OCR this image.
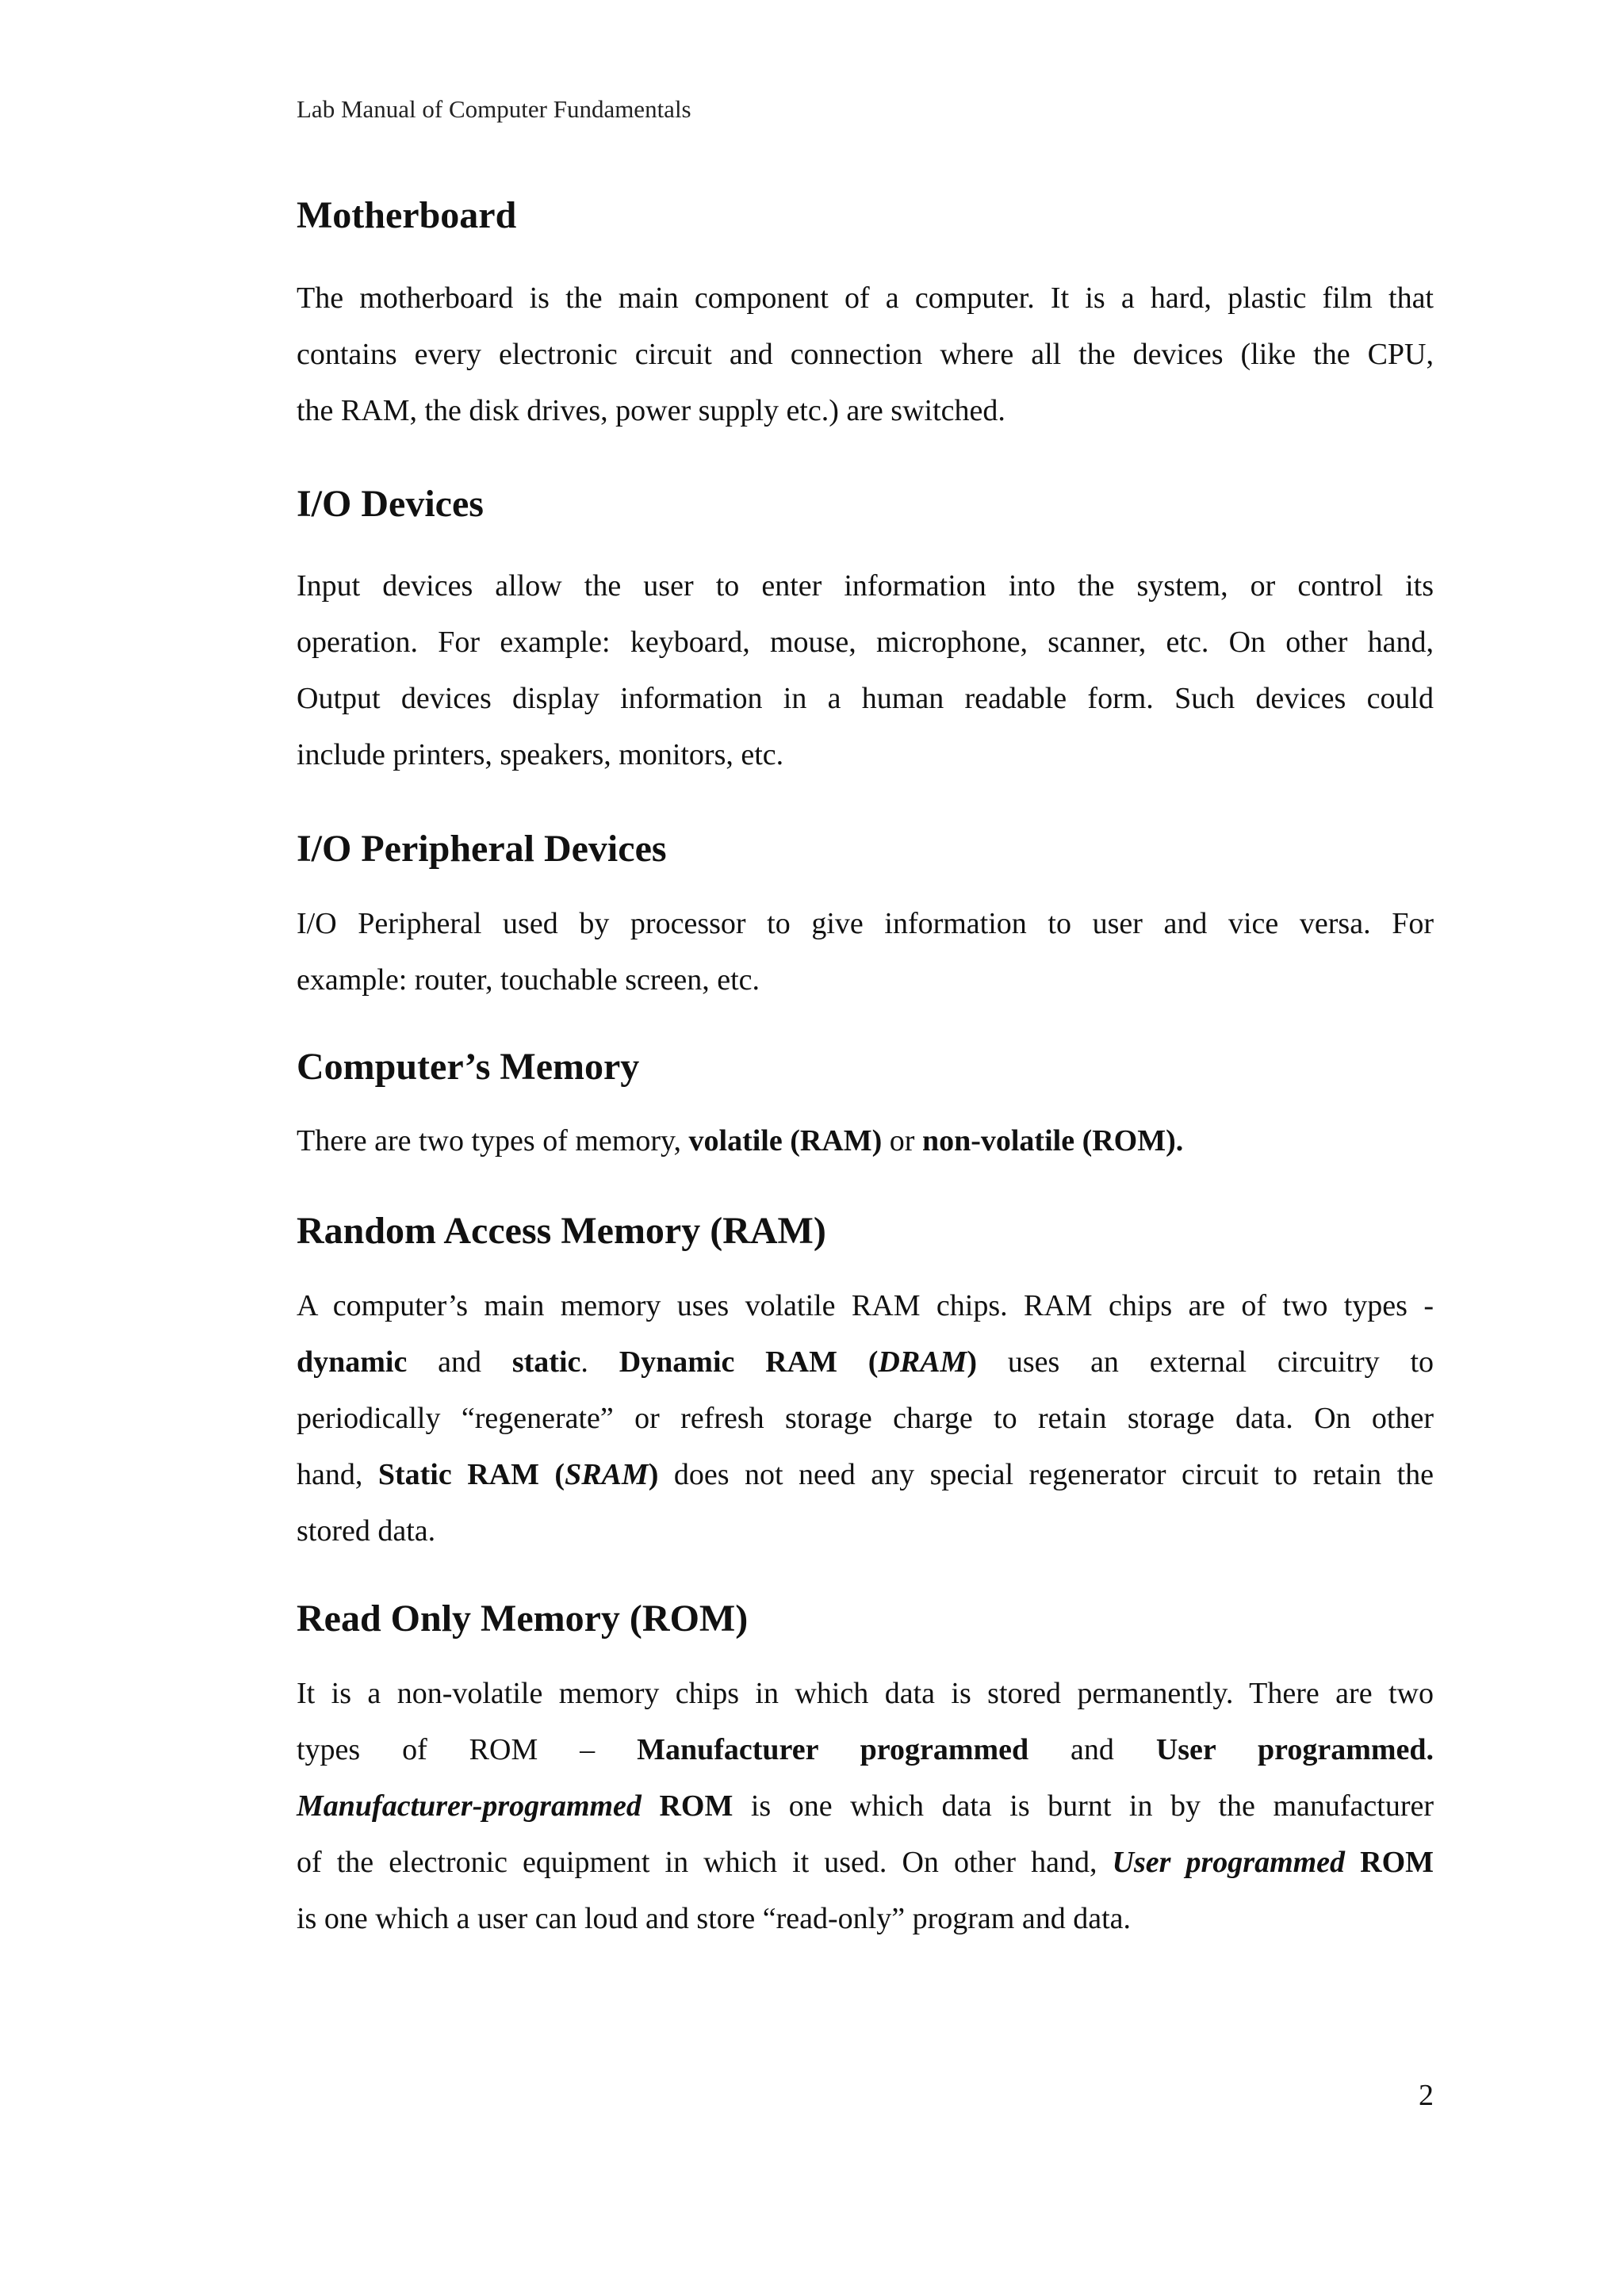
Lab Manual of Computer Fundamentals

Motherboard

The motherboard is the main component of a computer. It is a hard, plastic film that
contains every electronic circuit and connection where all the devices (like the CPU,
the RAM, the disk drives, power supply etc.) are switched.

I/O Devices

Input devices allow the user to enter information into the system, or control its
operation. For example: keyboard, mouse, microphone, scanner, etc. On other hand,
Output devices display information in a human readable form. Such devices could
include printers, speakers, monitors, etc.

I/O Peripheral Devices

I/O Peripheral used by processor to give information to user and vice versa. For
example: router, touchable screen, etc.

Computer’s Memory

There are two types of memory, volatile (RAM) or non-volatile (ROM).

Random Access Memory (RAM)

A computer’s main memory uses volatile RAM chips. RAM chips are of two types -
dynamic and static. Dynamic RAM (DRAM) uses an external circuitry to
periodically “regenerate” or refresh storage charge to retain storage data. On other
hand, Static RAM (SRAM) does not need any special regenerator circuit to retain the
stored data.

Read Only Memory (ROM)

It is a non-volatile memory chips in which data is stored permanently. There are two
types of ROM – Manufacturer programmed and User programmed.
Manufacturer-programmed ROM is one which data is burnt in by the manufacturer
of the electronic equipment in which it used. On other hand, User programmed ROM
is one which a user can loud and store “read-only” program and data.

2
